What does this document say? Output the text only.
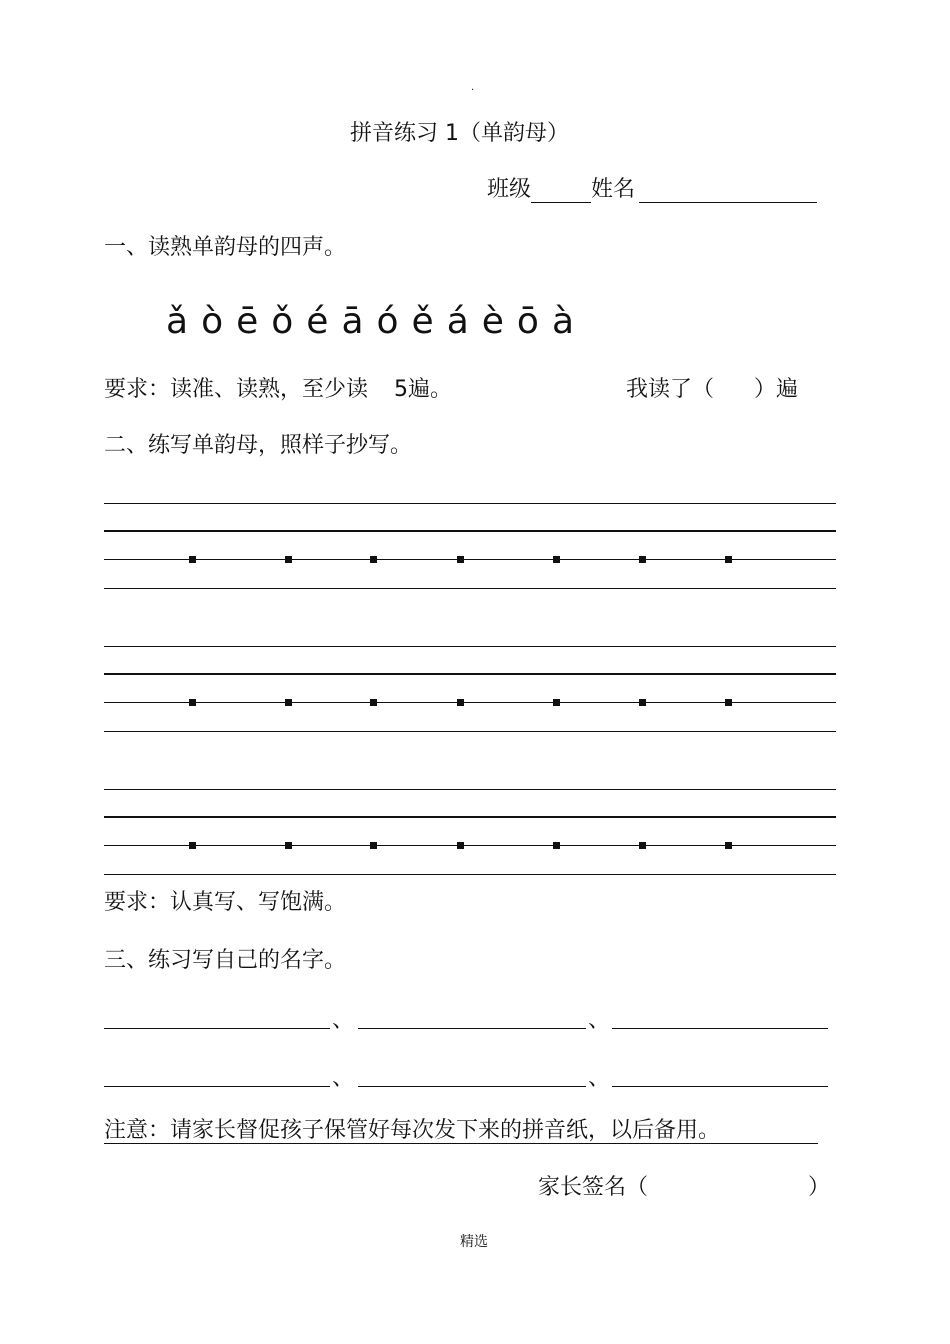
.
拼音练习 1（单韵母）
班级	姓名
一、读熟单韵母的四声。
ǎ ò ē ǒ é ā ó ě á è ō à
要求：读准、读熟，至少读 5遍。	我读了（ ）遍
二、练写单韵母，照样子抄写。
要求：认真写、写饱满。
三、练习写自己的名字。
、	、
、	、
注意：请家长督促孩子保管好每次发下来的拼音纸，以后备用。
家长签名（	）
精选
